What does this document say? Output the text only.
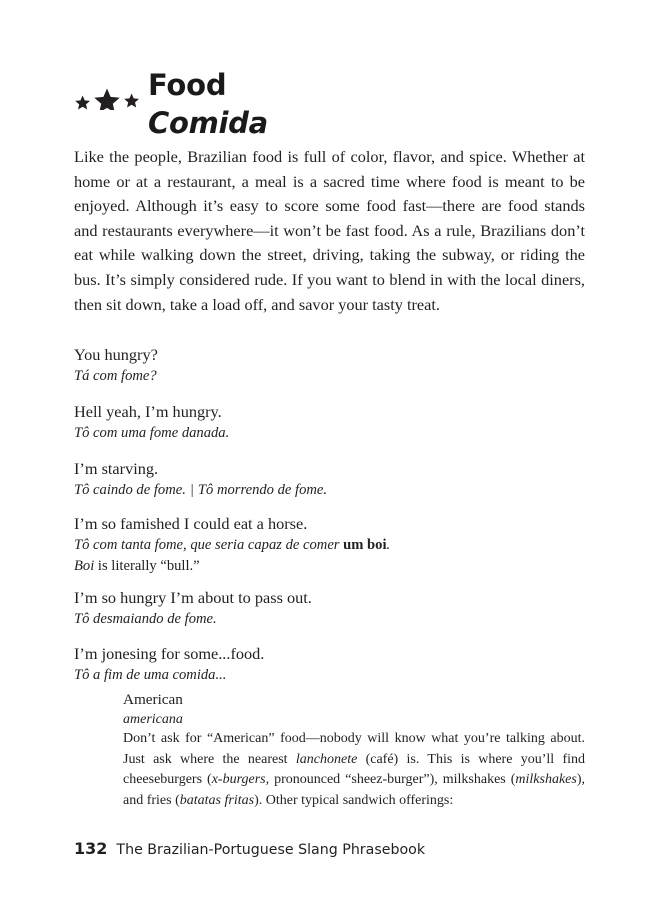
Food
Comida
Like the people, Brazilian food is full of color, flavor, and spice. Whether at home or at a restaurant, a meal is a sacred time where food is meant to be enjoyed. Although it’s easy to score some food fast—there are food stands and restaurants everywhere—it won’t be fast food. As a rule, Brazilians don’t eat while walking down the street, driving, taking the subway, or riding the bus. It’s simply considered rude. If you want to blend in with the local diners, then sit down, take a load off, and savor your tasty treat.
You hungry?
Tá com fome?
Hell yeah, I’m hungry.
Tô com uma fome danada.
I’m starving.
Tô caindo de fome. | Tô morrendo de fome.
I’m so famished I could eat a horse.
Tô com tanta fome, que seria capaz de comer um boi.
Boi is literally “bull.”
I’m so hungry I’m about to pass out.
Tô desmaiando de fome.
I’m jonesing for some...food.
Tô a fim de uma comida...
American
americana
Don’t ask for “American” food—nobody will know what you’re talking about. Just ask where the nearest lanchonete (café) is. This is where you’ll find cheeseburgers (x-burgers, pronounced “sheez-burger”), milkshakes (milkshakes), and fries (batatas fritas). Other typical sandwich offerings:
132 The Brazilian-Portuguese Slang Phrasebook
